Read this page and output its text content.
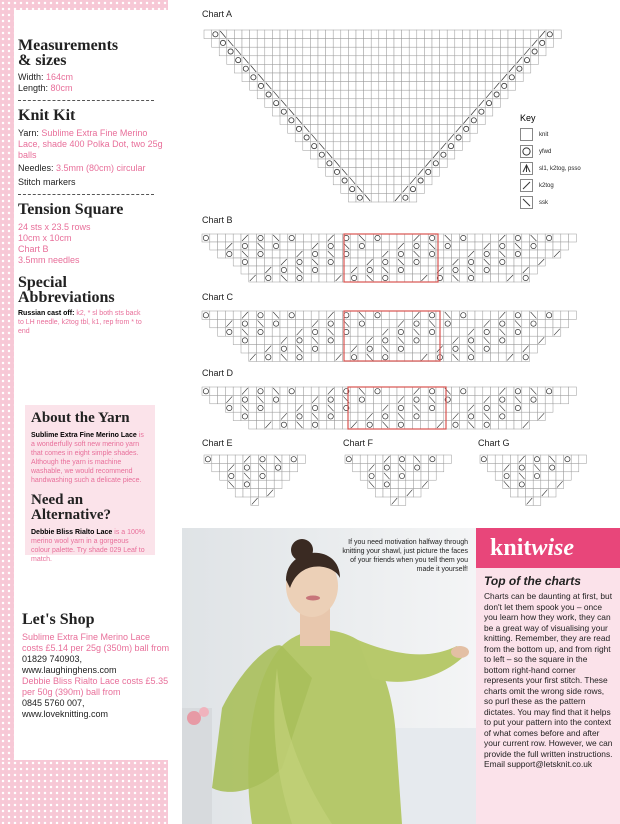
Measurements & sizes

Width: 164cm
Length: 80cm

Knit Kit

Yarn: Sublime Extra Fine Merino Lace, shade 400 Polka Dot, two 25g balls
Needles: 3.5mm (80cm) circular
Stitch markers

Tension Square

24 sts x 23.5 rows
10cm x 10cm
Chart B
3.5mm needles

Special Abbreviations

Russian cast off: k2, * sl both sts back to LH needle, k2tog tbl, k1, rep from * to end

About the Yarn

Sublime Extra Fine Merino Lace is a wonderfully soft new merino yarn that comes in eight simple shades. Although the yarn is machine washable, we would recommend handwashing such a delicate piece.

Need an Alternative?

Debbie Bliss Rialto Lace is a 100% merino wool yarn in a gorgeous colour palette. Try shade 029 Leaf to match.

Let's Shop

Sublime Extra Fine Merino Lace costs £5.14 per 25g (350m) ball from
01829 740903,
www.laughinghens.com
Debbie Bliss Rialto Lace costs £5.35 per 50g (390m) ball from
0845 5760 007,
www.loveknitting.com
Chart A
Key
knit
yfwd
sl1, k2tog, psso
k2tog
ssk
Chart B
Chart C
Chart D
Chart E	Chart F	Chart G
If you need motivation halfway through knitting your shawl, just picture the faces of your friends when you tell them you made it yourself!
knit wise
Top of the charts
Charts can be daunting at first, but don't let them spook you – once you learn how they work, they can be a great way of visualising your knitting. Remember, they are read from the bottom up, and from right to left – so the square in the bottom right-hand corner represents your first stitch. These charts omit the wrong side rows, so purl these as the pattern dictates. You may find that it helps to put your pattern into the context of what comes before and after your current row. However, we can provide the full written instructions. Email support@letsknit.co.uk
